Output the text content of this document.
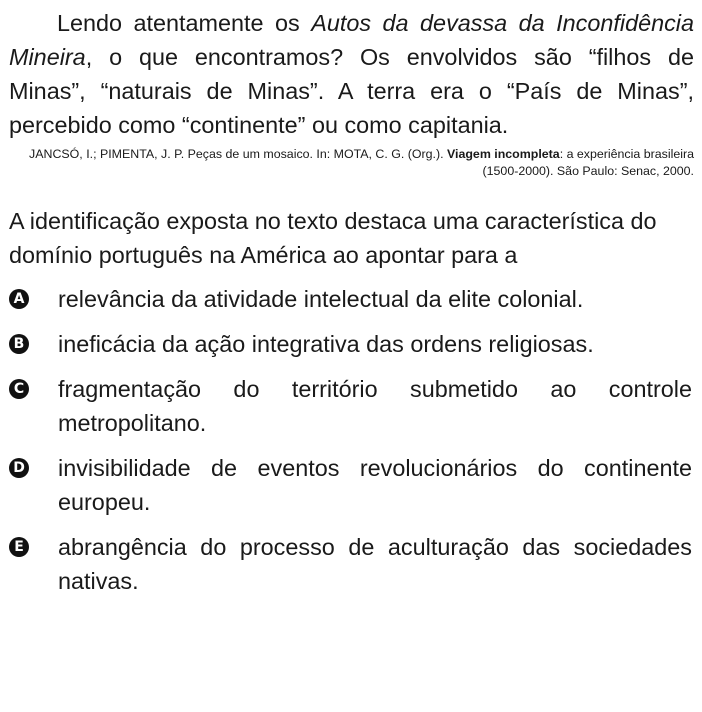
Lendo atentamente os Autos da devassa da Inconfidência Mineira, o que encontramos? Os envolvidos são “filhos de Minas”, “naturais de Minas”. A terra era o “País de Minas”, percebido como “continente” ou como capitania.

JANCSÓ, I.; PIMENTA, J. P. Peças de um mosaico. In: MOTA, C. G. (Org.). Viagem incompleta: a experiência brasileira (1500-2000). São Paulo: Senac, 2000.

A identificação exposta no texto destaca uma característica do domínio português na América ao apontar para a

A relevância da atividade intelectual da elite colonial.
B ineficácia da ação integrativa das ordens religiosas.
C fragmentação do território submetido ao controle metropolitano.
D invisibilidade de eventos revolucionários do continente europeu.
E abrangência do processo de aculturação das sociedades nativas.
